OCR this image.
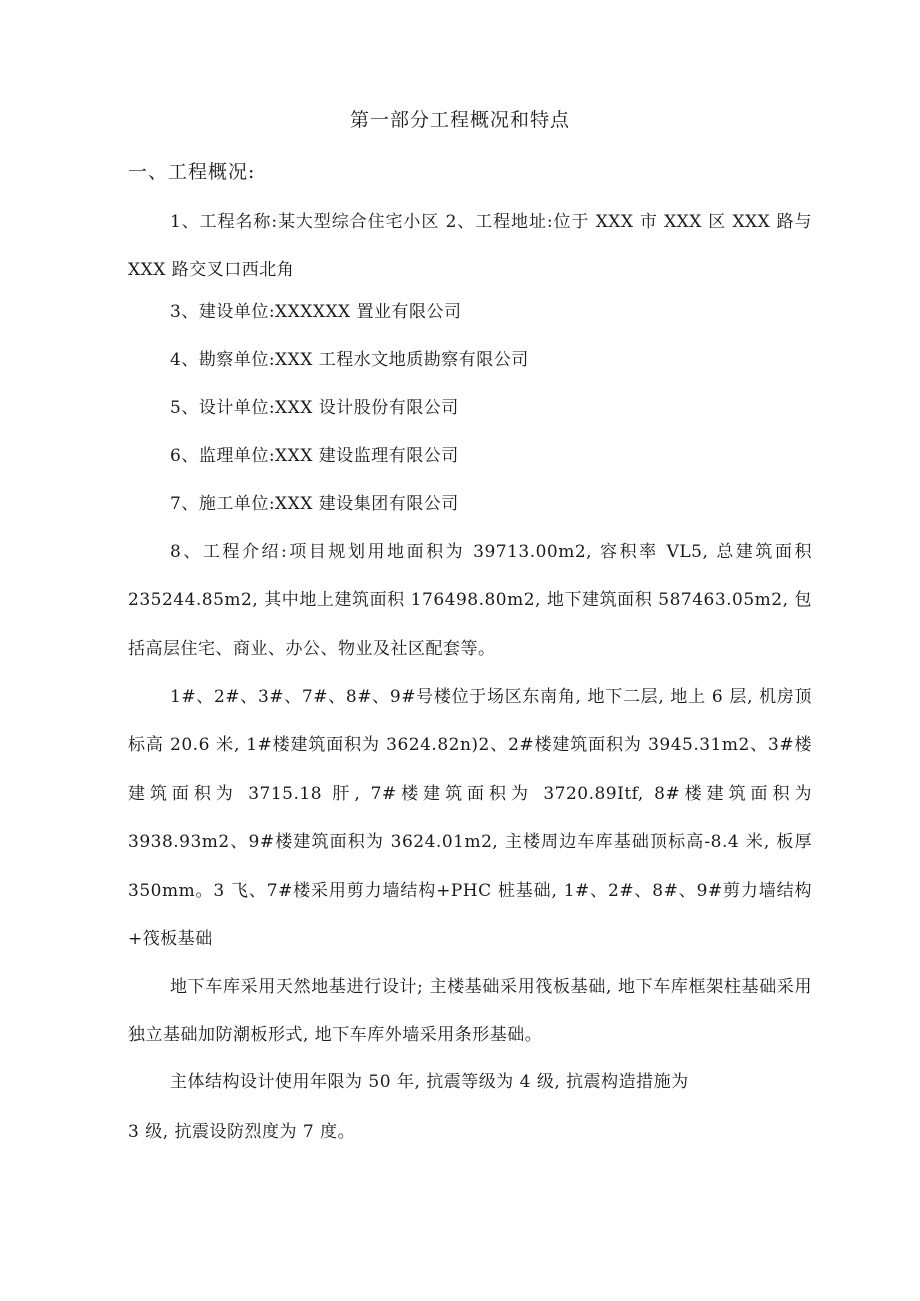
第一部分工程概况和特点
一、工程概况:

1、工程名称:某大型综合住宅小区 2、工程地址:位于 XXX 市 XXX 区 XXX 路与 XXX 路交叉口西北角

3、建设单位:XXXXXX 置业有限公司

4、勘察单位:XXX 工程水文地质勘察有限公司

5、设计单位:XXX 设计股份有限公司

6、监理单位:XXX 建设监理有限公司

7、施工单位:XXX 建设集团有限公司

8、工程介绍:项目规划用地面积为 39713.00m2, 容积率 VL5, 总建筑面积 235244.85m2, 其中地上建筑面积 176498.80m2, 地下建筑面积 587463.05m2, 包括高层住宅、商业、办公、物业及社区配套等。

1#、2#、3#、7#、8#、9#号楼位于场区东南角, 地下二层, 地上 6 层, 机房顶标高 20.6 米, 1#楼建筑面积为 3624.82n)2、2#楼建筑面积为 3945.31m2、3#楼建筑面积为 3715.18 肝, 7#楼建筑面积为 3720.89Itf, 8#楼建筑面积为 3938.93m2、9#楼建筑面积为 3624.01m2, 主楼周边车库基础顶标高-8.4 米, 板厚 350mm。3 飞、7#楼采用剪力墙结构+PHC 桩基础, 1#、2#、8#、9#剪力墙结构+筏板基础

地下车库采用天然地基进行设计; 主楼基础采用筏板基础, 地下车库框架柱基础采用独立基础加防潮板形式, 地下车库外墙采用条形基础。

主体结构设计使用年限为 50 年, 抗震等级为 4 级, 抗震构造措施为

3 级, 抗震设防烈度为 7 度。
